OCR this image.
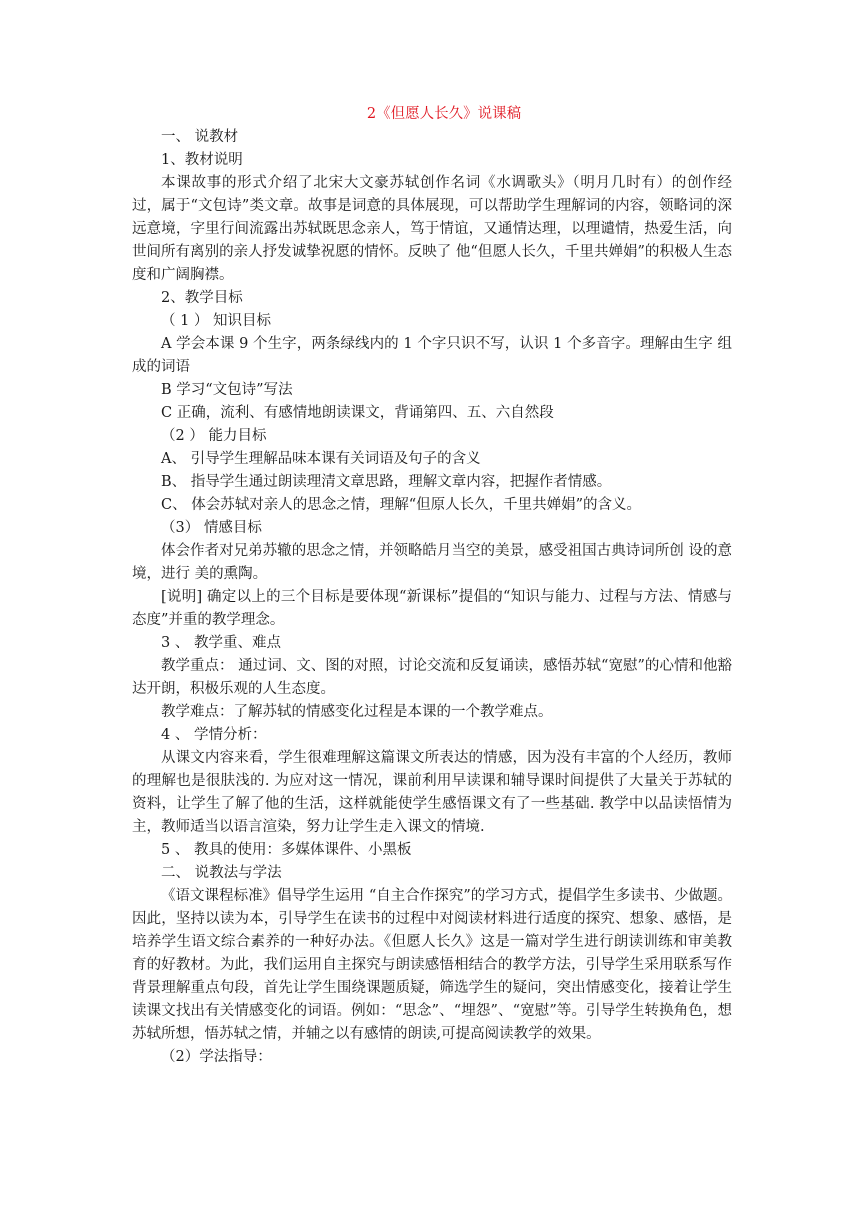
2《但愿人长久》说课稿
一、 说教材
1、教材说明
本课故事的形式介绍了北宋大文豪苏轼创作名词《水调歌头》（明月几时有）的创作经过，属于“文包诗”类文章。故事是词意的具体展现，可以帮助学生理解词的内容，领略词的深远意境，字里行间流露出苏轼既思念亲人，笃于情谊，又通情达理，以理谴情，热爱生活，向世间所有离别的亲人抒发诚挚祝愿的情怀。反映了 他“但愿人长久，千里共婵娟”的积极人生态度和广阔胸襟。
2、教学目标
（ 1 ） 知识目标
A 学会本课 9 个生字，两条绿线内的 1 个字只识不写，认识 1 个多音字。理解由生字 组成的词语
B 学习“文包诗”写法
C 正确，流利、有感情地朗读课文，背诵第四、五、六自然段
（2 ） 能力目标
A、 引导学生理解品味本课有关词语及句子的含义
B、 指导学生通过朗读理清文章思路，理解文章内容，把握作者情感。
C、 体会苏轼对亲人的思念之情，理解“但原人长久，千里共婵娟”的含义。
（3） 情感目标
体会作者对兄弟苏辙的思念之情，并领略皓月当空的美景，感受祖国古典诗词所创 设的意境，进行 美的熏陶。
[说明] 确定以上的三个目标是要体现“新课标”提倡的“知识与能力、过程与方法、情感与态度”并重的教学理念。
3 、 教学重、难点
教学重点： 通过词、文、图的对照，讨论交流和反复诵读，感悟苏轼“宽慰”的心情和他豁达开朗，积极乐观的人生态度。
教学难点：了解苏轼的情感变化过程是本课的一个教学难点。
4 、 学情分析：
从课文内容来看，学生很难理解这篇课文所表达的情感，因为没有丰富的个人经历，教师的理解也是很肤浅的. 为应对这一情况，课前利用早读课和辅导课时间提供了大量关于苏轼的资料，让学生了解了他的生活，这样就能使学生感悟课文有了一些基础. 教学中以品读悟情为主，教师适当以语言渲染，努力让学生走入课文的情境.
5 、 教具的使用：多媒体课件、小黑板
二、 说教法与学法
《语文课程标准》倡导学生运用 “自主合作探究”的学习方式，提倡学生多读书、少做题。因此，坚持以读为本，引导学生在读书的过程中对阅读材料进行适度的探究、想象、感悟，是培养学生语文综合素养的一种好办法。《但愿人长久》这是一篇对学生进行朗读训练和审美教育的好教材。为此，我们运用自主探究与朗读感悟相结合的教学方法，引导学生采用联系写作背景理解重点句段，首先让学生围绕课题质疑，筛选学生的疑问，突出情感变化，接着让学生读课文找出有关情感变化的词语。例如：“思念”、“埋怨”、“宽慰”等。引导学生转换角色，想苏轼所想，悟苏轼之情，并辅之以有感情的朗读,可提高阅读教学的效果。
（2）学法指导：
